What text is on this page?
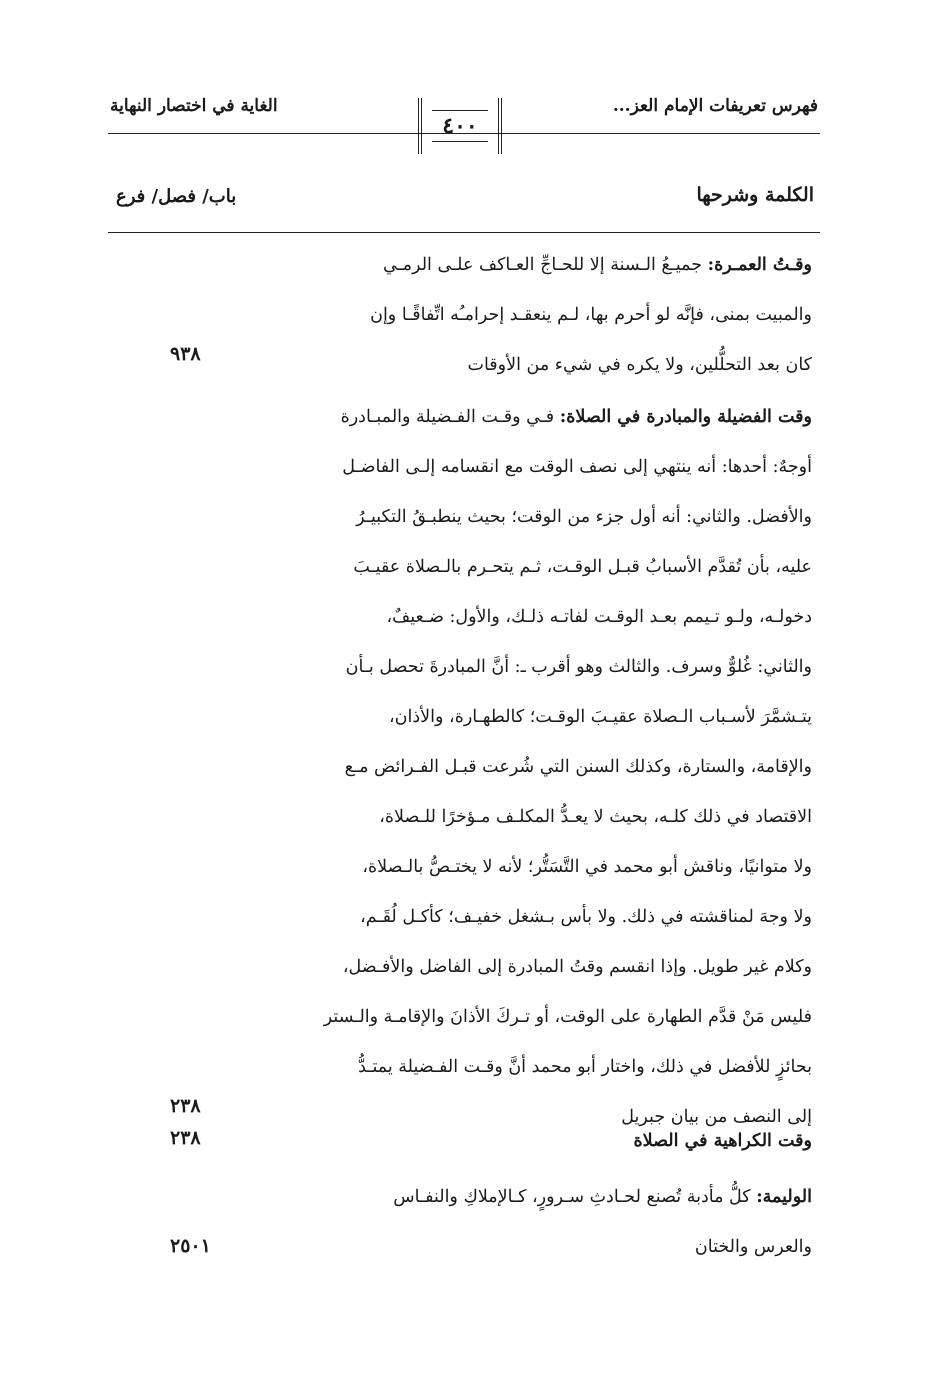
فهرس تعريفات الإمام العز...
٤٠٠
الغاية في اختصار النهاية
الكلمة وشرحها
باب/ فصل/ فرع

وقـتُ العمـرة: جميـعُ الـسنة إلا للحـاجِّ العـاكف علـى الرمـي

والمبيت بمنى، فإنَّه لو أحرم بها، لـم ينعقـد إحرامـُه اتِّفاقًـا وإن

كان بعد التحلُّلين، ولا يكره في شيء من الأوقات

٩٣٨

وقت الفضيلة والمبادرة في الصلاة: فـي وقـت الفـضيلة والمبـادرة

أوجهٌ: أحدها: أنه ينتهي إلى نصف الوقت مع انقسامه إلـى الفاضـل

والأفضل. والثاني: أنه أول جزء من الوقت؛ بحيث ينطبـقُ التكبيـرُ

عليه، بأن تُقدَّم الأسبابُ قبـل الوقـت، ثـم يتحـرم بالـصلاة عقيـبَ

دخولـه، ولـو تـيمم بعـد الوقـت لفاتـه ذلـك، والأول: ضـعيفٌ،

والثاني: غُلوٌّ وسرف. والثالث وهو أقرب ـ: أنَّ المبادرةَ تحصل بـأن

يتـشمَّرَ لأسـباب الـصلاة عقيـبَ الوقـت؛ كالطهـارة، والأذان،

والإقامة، والستارة، وكذلك السنن التي شُرعت قبـل الفـرائض مـع

الاقتصاد في ذلك كلـه، بحيث لا يعـدُّ المكلـف مـؤخرًا للـصلاة،

ولا متوانيًا، وناقش أبو محمد في التَّسَتُّر؛ لأنه لا يختـصُّ بالـصلاة،

ولا وجهَ لمناقشته في ذلك. ولا بأس بـشغل خفيـف؛ كأكـل لُقَـم،

وكلام غير طويل. وإذا انقسم وقتُ المبادرة إلى الفاضل والأفـضل،

فليس مَنْ قدَّم الطهارة على الوقت، أو تـركَ الأذانَ والإقامـة والـستر

بحائزٍ للأفضل في ذلك، واختار أبو محمد أنَّ وقـت الفـضيلة يمتـدُّ

إلى النصف من بيان جبريل

٢٣٨

وقت الكراهية في الصلاة

٢٣٨

الوليمة: كلُّ مأدبة تُصنع لحـادثِ سـرورٍ، كـالإملاكِ والنفـاس

والعرس والختان

٢٥٠١
